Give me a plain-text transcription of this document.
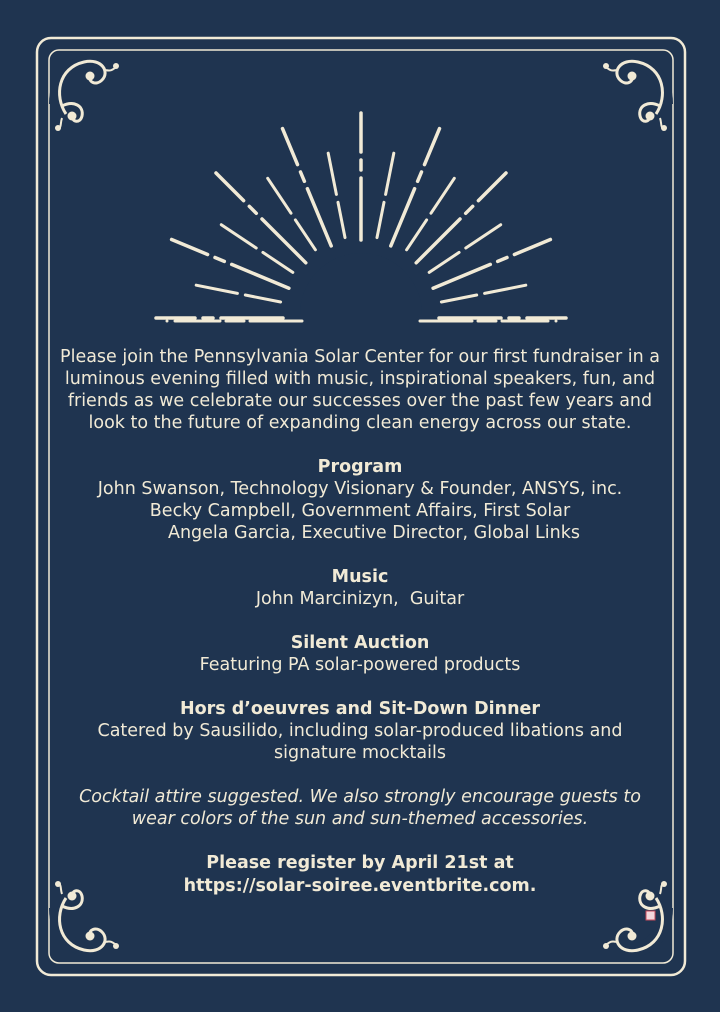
Please join the Pennsylvania Solar Center for our first fundraiser in a luminous evening filled with music, inspirational speakers, fun, and friends as we celebrate our successes over the past few years and look to the future of expanding clean energy across our state.

Program

John Swanson, Technology Visionary & Founder, ANSYS, inc.

Becky Campbell, Government Affairs, First Solar

Angela Garcia, Executive Director, Global Links

Music

John Marcinizyn,  Guitar

Silent Auction

Featuring PA solar-powered products

Hors d’oeuvres and Sit-Down Dinner

Catered by Sausilido, including solar-produced libations and

signature mocktails

Cocktail attire suggested. We also strongly encourage guests to wear colors of the sun and sun-themed accessories.

Please register by April 21st at
https://solar-soiree.eventbrite.com.
